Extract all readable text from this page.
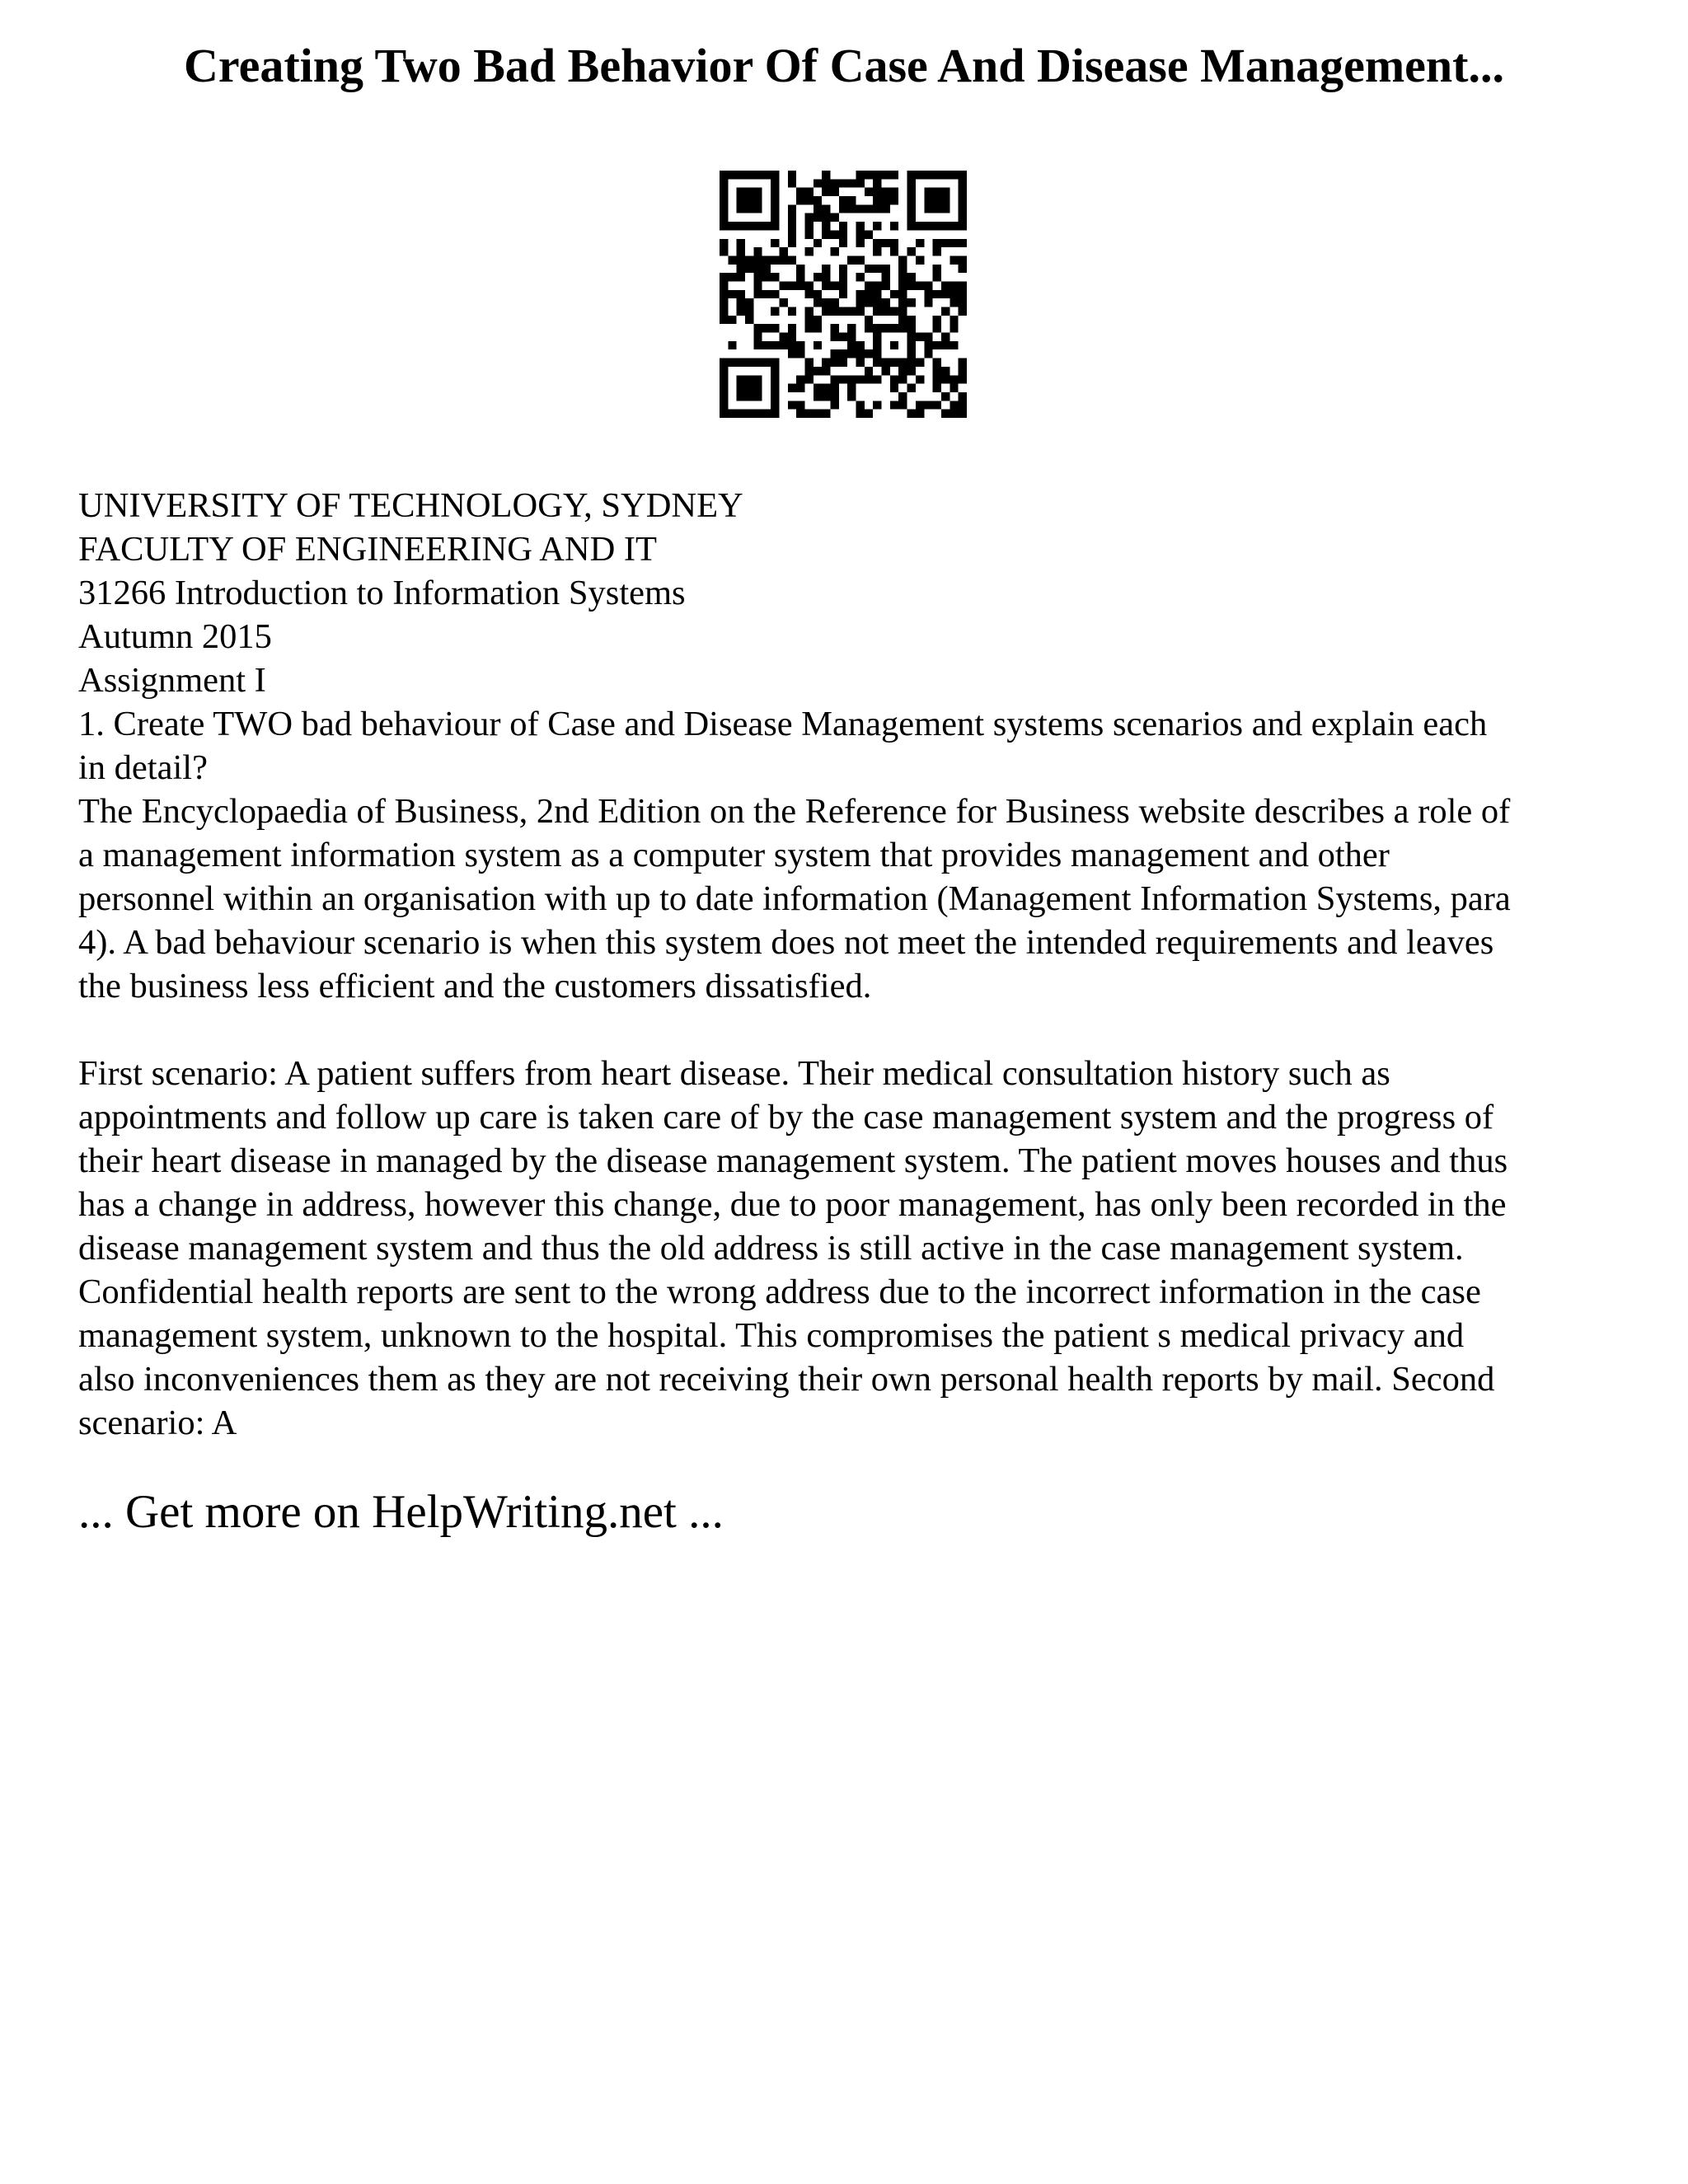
Creating Two Bad Behavior Of Case And Disease Management...
UNIVERSITY OF TECHNOLOGY, SYDNEY
FACULTY OF ENGINEERING AND IT
31266 Introduction to Information Systems
Autumn 2015
Assignment I
1. Create TWO bad behaviour of Case and Disease Management systems scenarios and explain each
in detail?
The Encyclopaedia of Business, 2nd Edition on the Reference for Business website describes a role of
a management information system as a computer system that provides management and other
personnel within an organisation with up to date information (Management Information Systems, para
4). A bad behaviour scenario is when this system does not meet the intended requirements and leaves
the business less efficient and the customers dissatisfied.
First scenario: A patient suffers from heart disease. Their medical consultation history such as
appointments and follow up care is taken care of by the case management system and the progress of
their heart disease in managed by the disease management system. The patient moves houses and thus
has a change in address, however this change, due to poor management, has only been recorded in the
disease management system and thus the old address is still active in the case management system.
Confidential health reports are sent to the wrong address due to the incorrect information in the case
management system, unknown to the hospital. This compromises the patient s medical privacy and
also inconveniences them as they are not receiving their own personal health reports by mail. Second
scenario: A

... Get more on HelpWriting.net ...
